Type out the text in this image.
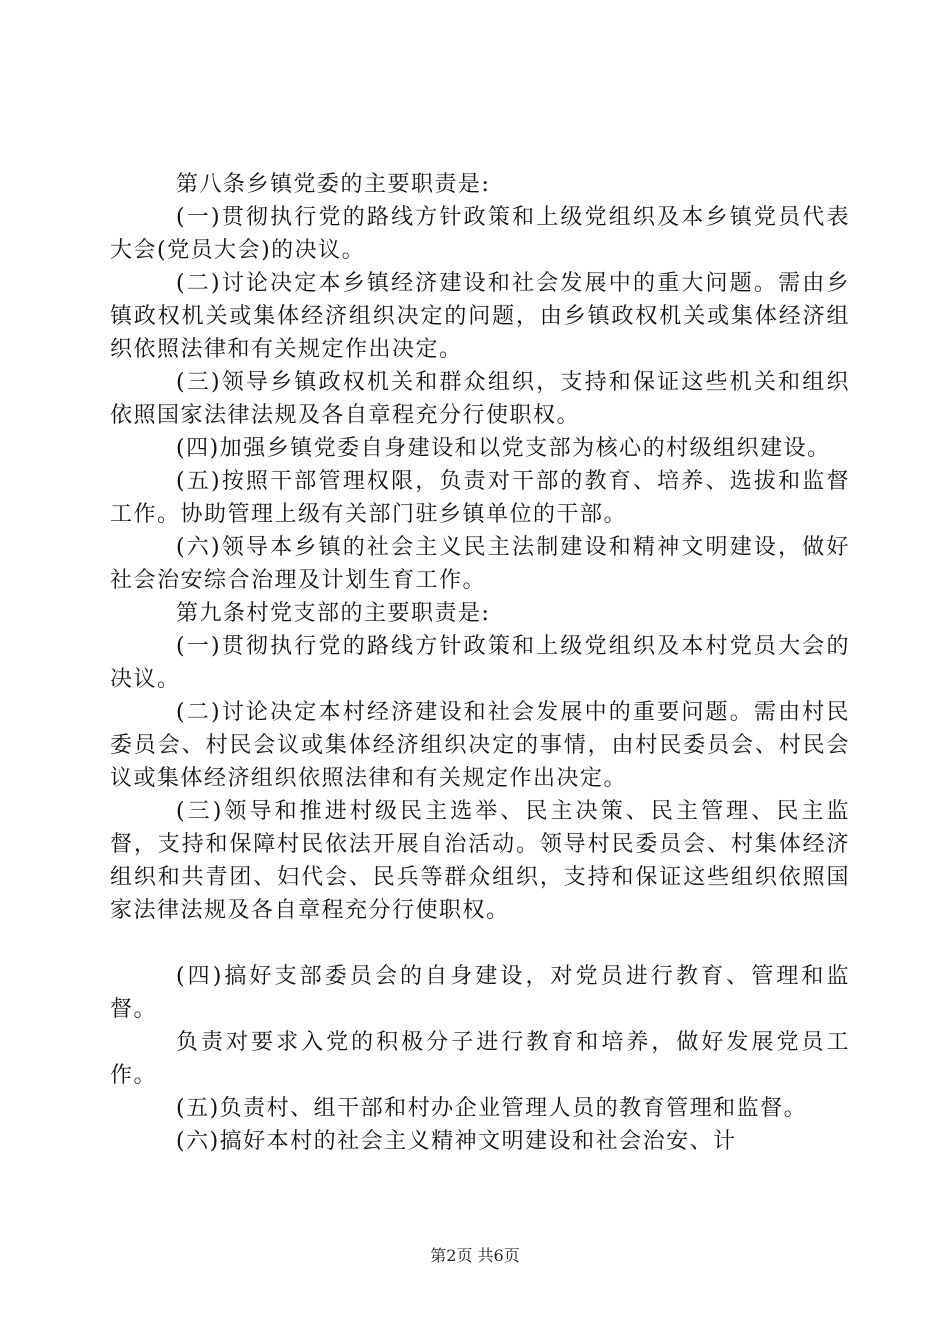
第八条乡镇党委的主要职责是:

(一)贯彻执行党的路线方针政策和上级党组织及本乡镇党员代表大会(党员大会)的决议。

(二)讨论决定本乡镇经济建设和社会发展中的重大问题。需由乡镇政权机关或集体经济组织决定的问题，由乡镇政权机关或集体经济组织依照法律和有关规定作出决定。

(三)领导乡镇政权机关和群众组织，支持和保证这些机关和组织依照国家法律法规及各自章程充分行使职权。

(四)加强乡镇党委自身建设和以党支部为核心的村级组织建设。

(五)按照干部管理权限，负责对干部的教育、培养、选拔和监督工作。协助管理上级有关部门驻乡镇单位的干部。

(六)领导本乡镇的社会主义民主法制建设和精神文明建设，做好社会治安综合治理及计划生育工作。

第九条村党支部的主要职责是:

(一)贯彻执行党的路线方针政策和上级党组织及本村党员大会的决议。

(二)讨论决定本村经济建设和社会发展中的重要问题。需由村民委员会、村民会议或集体经济组织决定的事情，由村民委员会、村民会议或集体经济组织依照法律和有关规定作出决定。

(三)领导和推进村级民主选举、民主决策、民主管理、民主监督，支持和保障村民依法开展自治活动。领导村民委员会、村集体经济组织和共青团、妇代会、民兵等群众组织，支持和保证这些组织依照国家法律法规及各自章程充分行使职权。

(四)搞好支部委员会的自身建设，对党员进行教育、管理和监督。

负责对要求入党的积极分子进行教育和培养，做好发展党员工作。

(五)负责村、组干部和村办企业管理人员的教育管理和监督。

(六)搞好本村的社会主义精神文明建设和社会治安、计

第2页 共6页
